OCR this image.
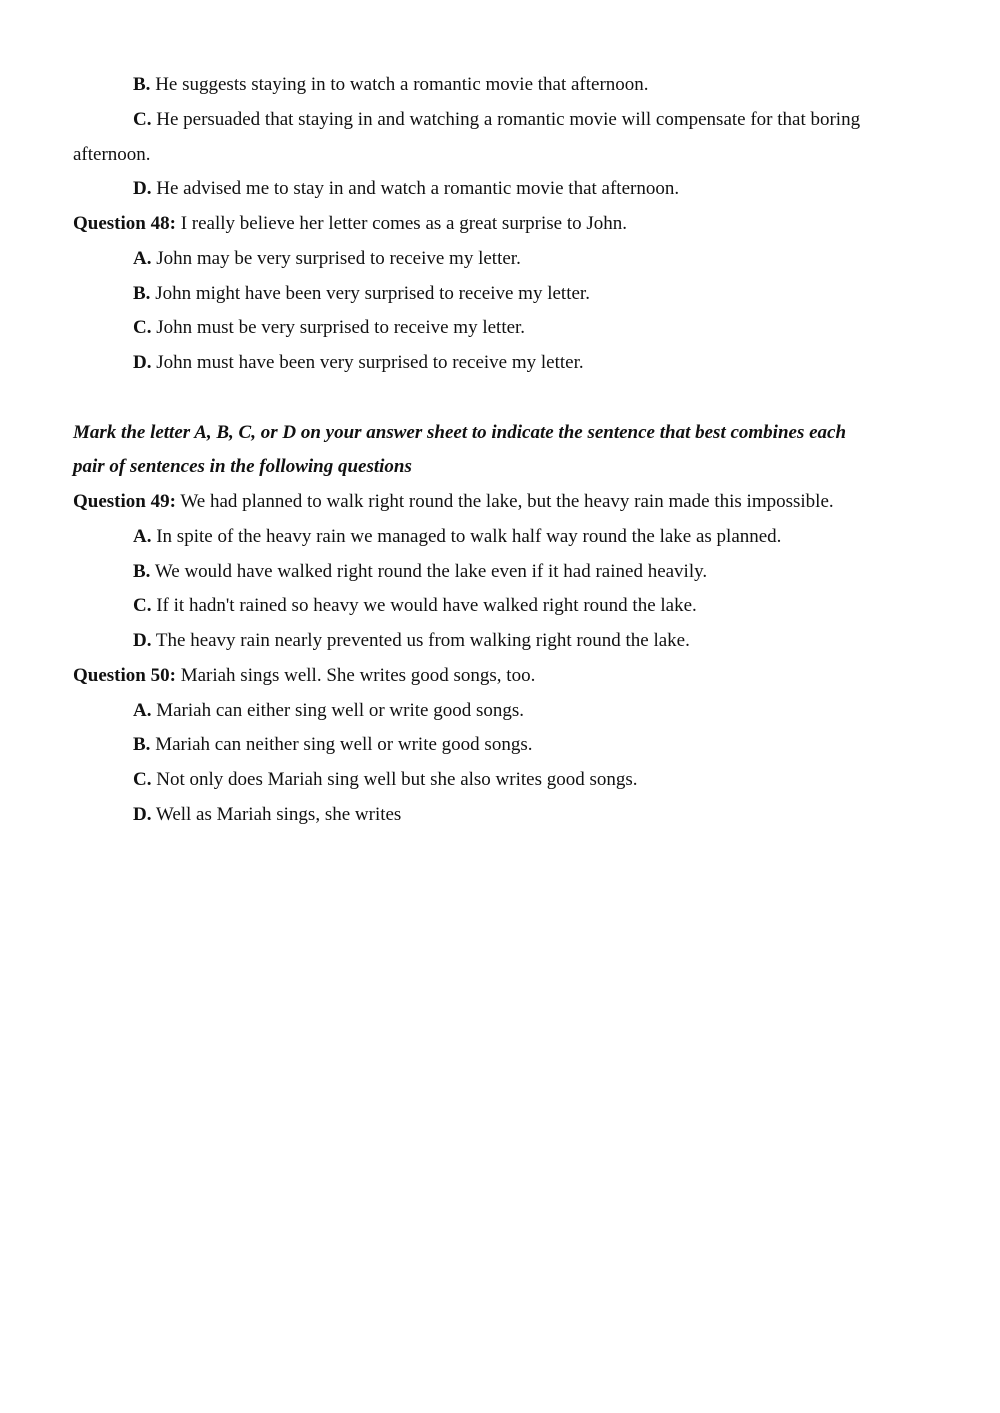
B. He suggests staying in to watch a romantic movie that afternoon.
C. He persuaded that staying in and watching a romantic movie will compensate for that boring
afternoon.
D. He advised me to stay in and watch a romantic movie that afternoon.
Question 48: I really believe her letter comes as a great surprise to John.
A. John may be very surprised to receive my letter.
B. John might have been very surprised to receive my letter.
C. John must be very surprised to receive my letter.
D. John must have been very surprised to receive my letter.
Mark the letter A, B, C, or D on your answer sheet to indicate the sentence that best combines each
pair of sentences in the following questions
Question 49: We had planned to walk right round the lake, but the heavy rain made this impossible.
A. In spite of the heavy rain we managed to walk half way round the lake as planned.
B. We would have walked right round the lake even if it had rained heavily.
C. If it hadn't rained so heavy we would have walked right round the lake.
D. The heavy rain nearly prevented us from walking right round the lake.
Question 50: Mariah sings well. She writes good songs, too.
A. Mariah can either sing well or write good songs.
B. Mariah can neither sing well or write good songs.
C. Not only does Mariah sing well but she also writes good songs.
D. Well as Mariah sings, she writes
